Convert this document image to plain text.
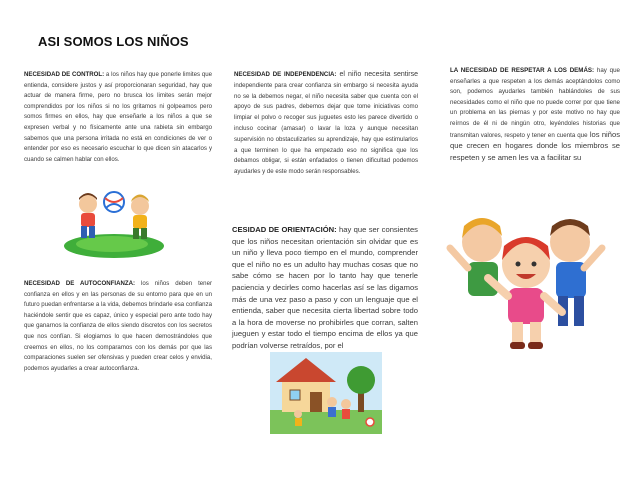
ASI SOMOS LOS NIÑOS
NECESIDAD DE CONTROL: a los niños hay que ponerle limites que entienda, considere justos y así proporcionaran seguridad, hay que actuar de manera firme, pero no brusca los limites serán mejor comprendidos por los niños si no los gritamos ni golpeamos pero somos firmes en ellos, hay que enseñarle a los niños a que se expresen verbal y no físicamente ante una rabieta sin embargo sabemos que una persona irritada no está en condiciones de ver o entender por eso es necesario escuchar lo que dicen sin atacarlos y cuando se calmen hablar con ellos.
NECESIDAD DE AUTOCONFIANZA: los niños deben tener confianza en ellos y en las personas de su entorno para que en un futuro puedan enfrentarse a la vida, debemos brindarle esa confianza haciéndole sentir que es capaz, único y especial pero ante todo hay que ganarnos la confianza de ellos siendo discretos con los secretos que nos confían. Si elogiamos lo que hacen demostrándoles que creemos en ellos, no los comparamos con los demás por que las comparaciones suelen ser ofensivas y pueden crear celos y envidia, podemos ayudarles a crear autoconfianza.
NECESIDAD DE INDEPENDENCIA: el niño necesita sentirse independiente para crear confianza sin embargo si necesita ayuda no se la debemos negar, el niño necesita saber que cuenta con el apoyo de sus padres, debemos dejar que tome iniciativas como limpiar el polvo o recoger sus juguetes esto les parece divertido o incluso cocinar (amasar) o lavar la loza y aunque necesitan supervisión no obstaculizarles su aprendizaje, hay que estimularlos a que terminen lo que ha empezado eso no significa que los debamos obligar, si están enfadados o tienen dificultad podemos ayudarles y de este modo serán responsables.
CESIDAD DE ORIENTACIÓN: hay que ser consientes que los niños necesitan orientación sin olvidar que es un niño y lleva poco tiempo en el mundo, comprender que el niño no es un adulto hay muchas cosas que no sabe cómo se hacen por lo tanto hay que tenerle paciencia y decirles como hacerlas así se las digamos más de una vez paso a paso y con un lenguaje que el entienda, saber que necesita cierta libertad sobre todo a la hora de moverse no prohibirles que corran, salten jueguen y estar todo el tiempo encima de ellos ya que podrían volverse retraídos, por el
LA NECESIDAD DE RESPETAR A LOS DEMÁS: hay que enseñarles a que respeten a los demás aceptándolos como son, podemos ayudarles también hablándoles de sus necesidades como el niño que no puede correr por que tiene un problema en las piernas y por este motivo no hay que reírnos de él ni de ningún otro, leyéndoles historias que transmitan valores, respeto y tener en cuenta que los niños que crecen en hogares donde los miembros se respeten y se amen les va a facilitar su
